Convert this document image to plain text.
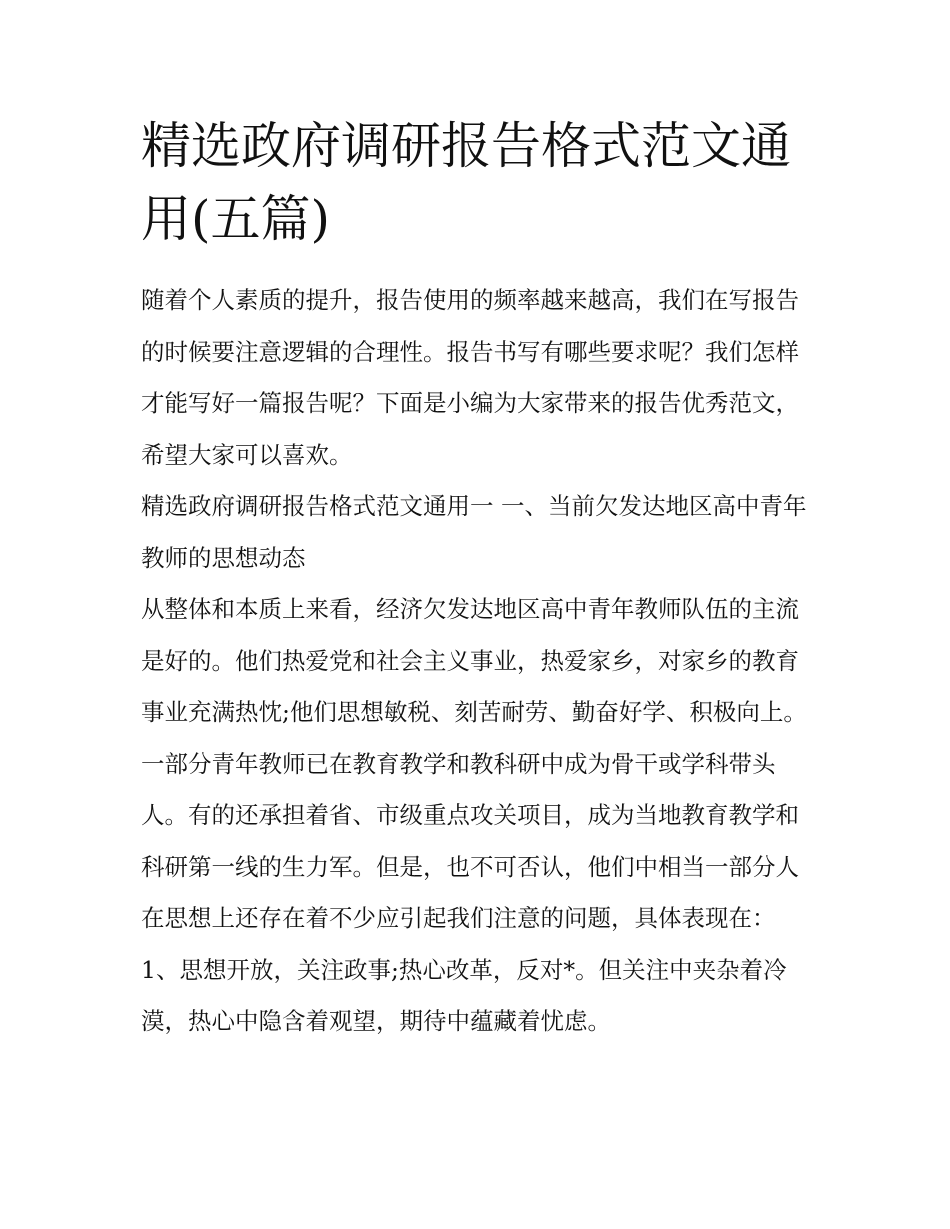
精选政府调研报告格式范文通用(五篇)

随着个人素质的提升，报告使用的频率越来越高，我们在写报告的时候要注意逻辑的合理性。报告书写有哪些要求呢？我们怎样才能写好一篇报告呢？下面是小编为大家带来的报告优秀范文，希望大家可以喜欢。

精选政府调研报告格式范文通用一 一、当前欠发达地区高中青年教师的思想动态

从整体和本质上来看，经济欠发达地区高中青年教师队伍的主流是好的。他们热爱党和社会主义事业，热爱家乡，对家乡的教育事业充满热忱;他们思想敏税、刻苦耐劳、勤奋好学、积极向上。一部分青年教师已在教育教学和教科研中成为骨干或学科带头人。有的还承担着省、市级重点攻关项目，成为当地教育教学和科研第一线的生力军。但是，也不可否认，他们中相当一部分人在思想上还存在着不少应引起我们注意的问题，具体表现在：

1、思想开放，关注政事;热心改革，反对*。但关注中夹杂着冷漠，热心中隐含着观望，期待中蕴藏着忧虑。
